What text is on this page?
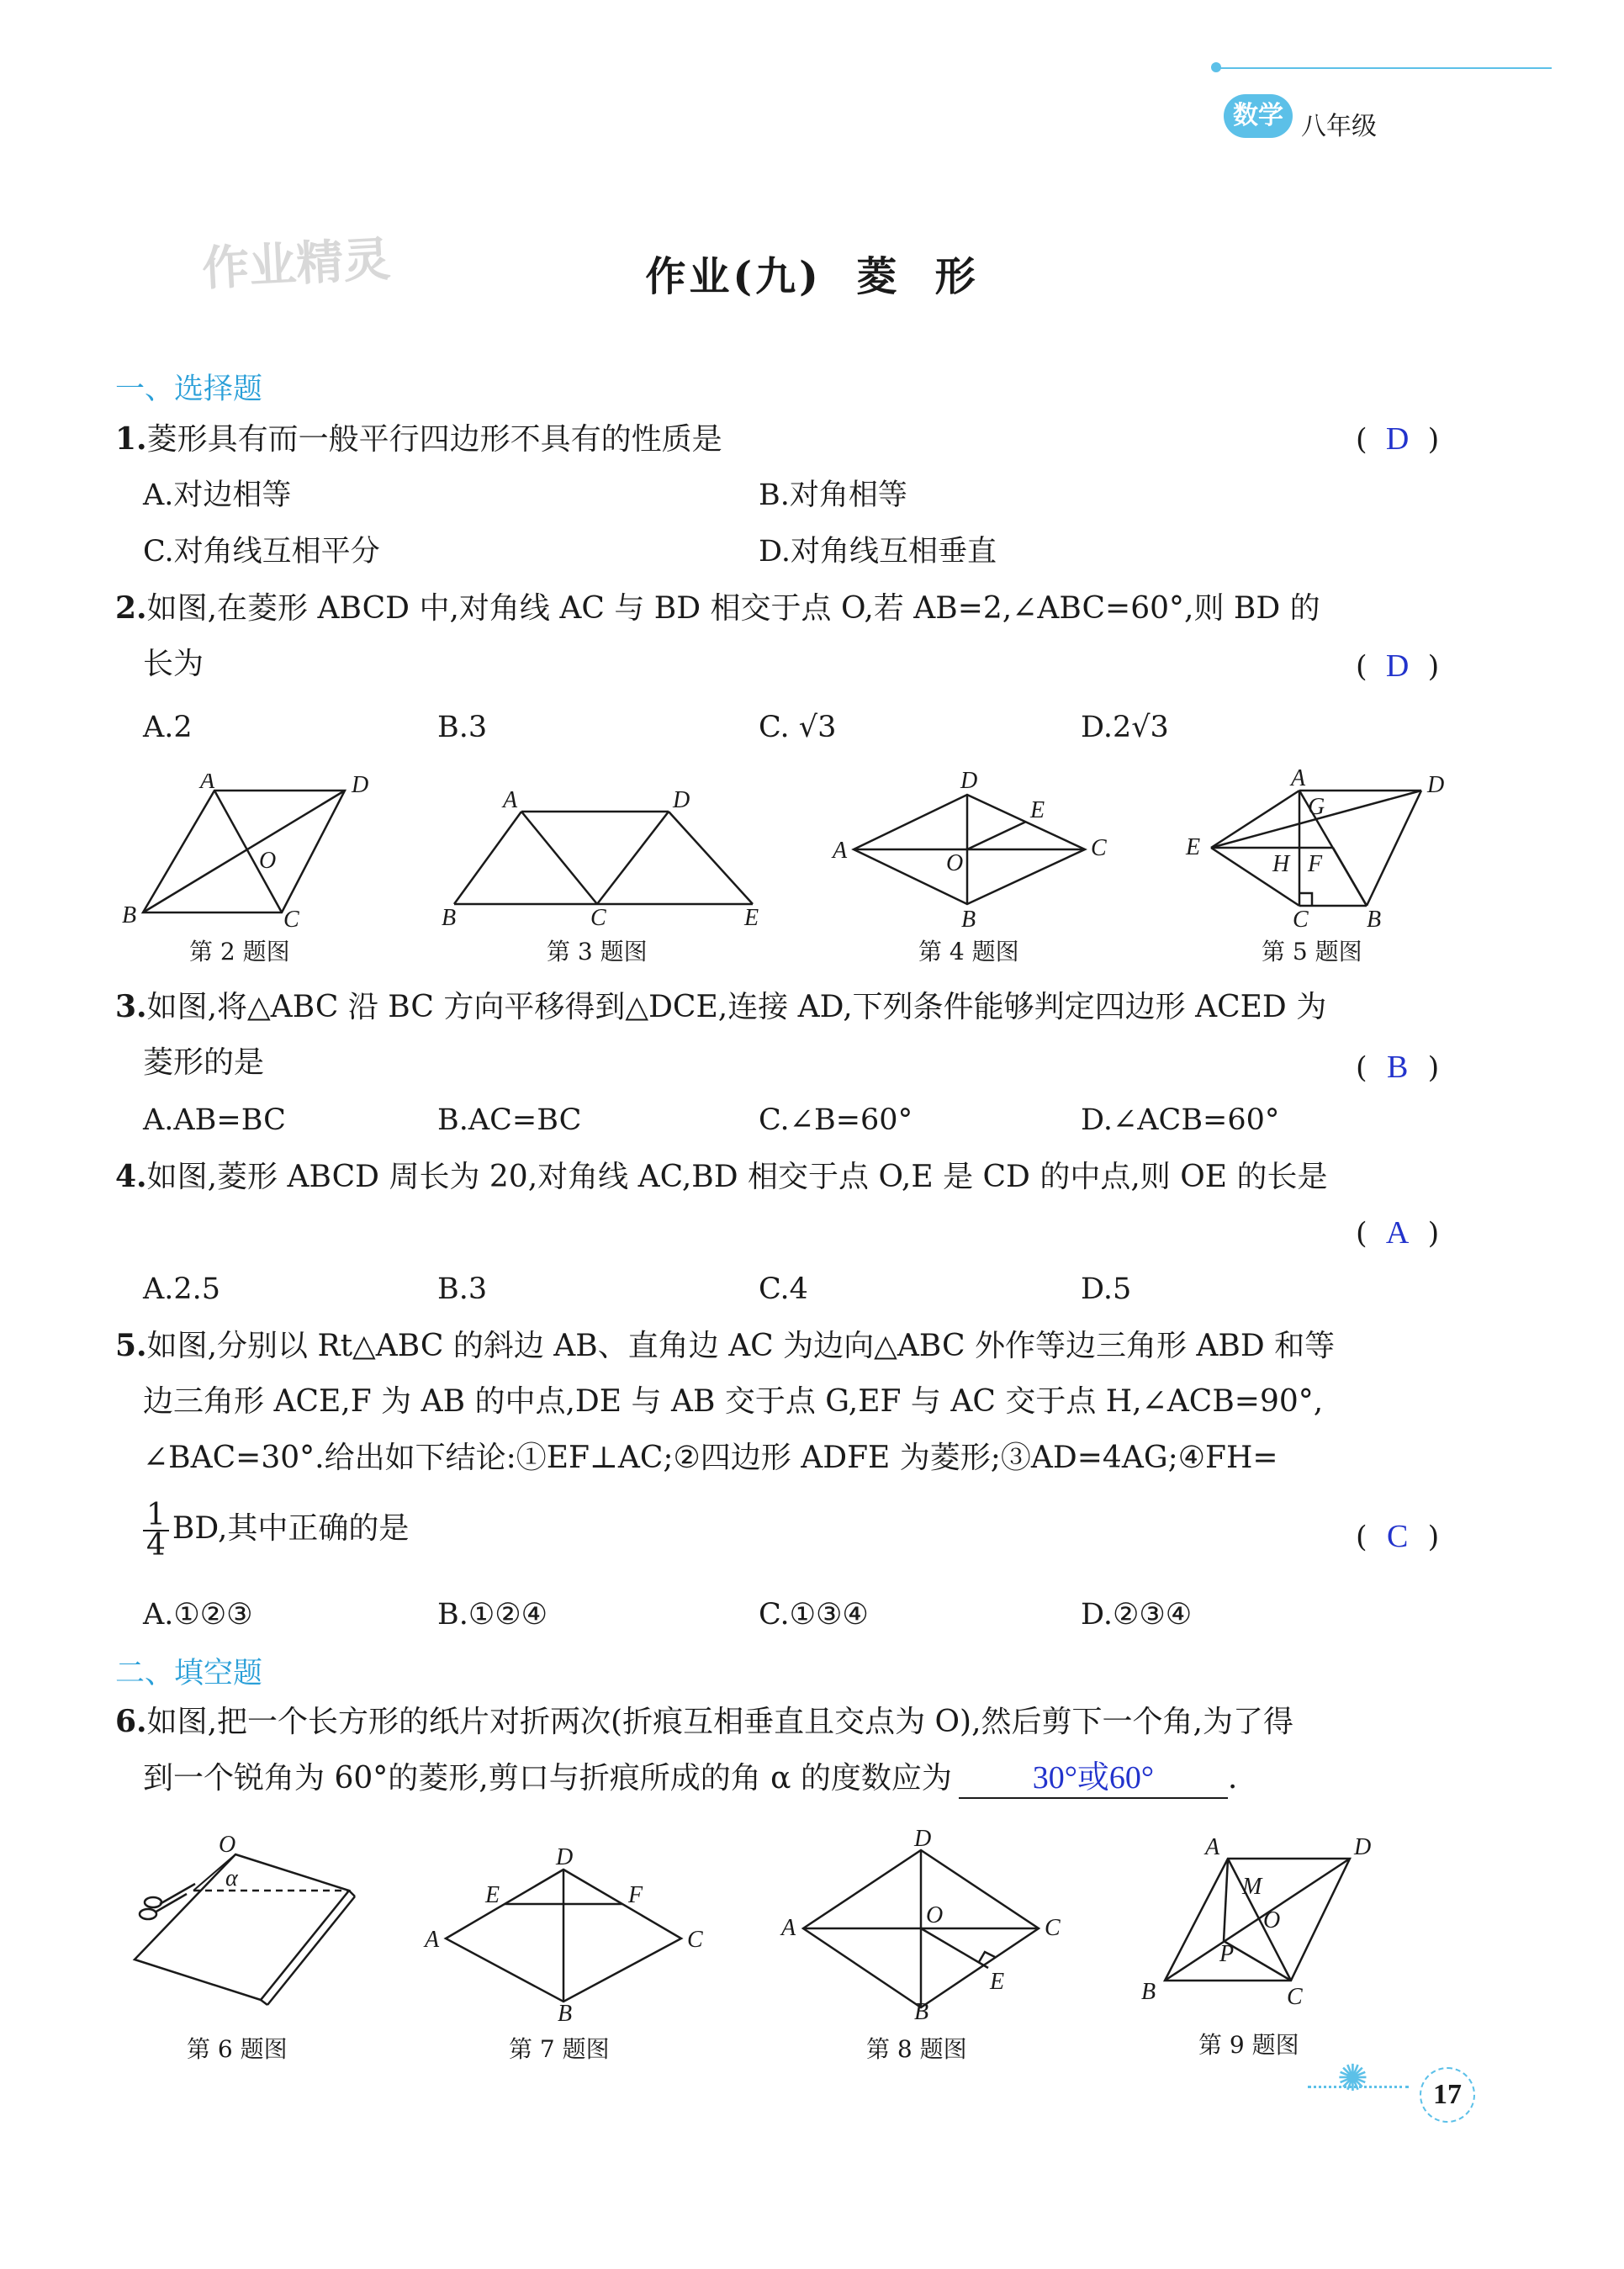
数学 八年级
作业精灵	作业(九)  菱  形
一、选择题
1.菱形具有而一般平行四边形不具有的性质是	( D )
A.对边相等	B.对角相等
C.对角线互相平分	D.对角线互相垂直
2.如图,在菱形 ABCD 中,对角线 AC 与 BD 相交于点 O,若 AB=2,∠ABC=60°,则 BD 的
长为	( D )
A.2	B.3	C. √3	D.2√3
A	D
O
B	C
第 2 题图
A	D
B	C	E
第 3 题图
D
E
A	O
C
B
第 4 题图
A
G
D
E
H F
C B
第 5 题图
3.如图,将△ABC 沿 BC 方向平移得到△DCE,连接 AD,下列条件能够判定四边形 ACED 为
菱形的是	( B )
A.AB=BC	B.AC=BC	C.∠B=60°	D.∠ACB=60°
4.如图,菱形 ABCD 周长为 20,对角线 AC,BD 相交于点 O,E 是 CD 的中点,则 OE 的长是
( A )
A.2.5	B.3	C.4	D.5
5.如图,分别以 Rt△ABC 的斜边 AB、直角边 AC 为边向△ABC 外作等边三角形 ABD 和等
边三角形 ACE,F 为 AB 的中点,DE 与 AB 交于点 G,EF 与 AC 交于点 H,∠ACB=90°,
∠BAC=30°.给出如下结论:①EF⊥AC;②四边形 ADFE 为菱形;③AD=4AG;④FH=
$\frac{1}{4}$ BD,其中正确的是	( C )
A.①②③	B.①②④	C.①③④	D.②③④
二、填空题
6.如图,把一个长方形的纸片对折两次(折痕互相垂直且交点为 O),然后剪下一个角,为了得
到一个锐角为 60°的菱形,剪口与折痕所成的角 α 的度数应为	30°或60° .
O
α
第 6 题图
D
E	F
A	C
B
第 7 题图
D
A	O	C
E
B
第 8 题图
A	D
M
O
P
B	C
第 9 题图
✺	17
